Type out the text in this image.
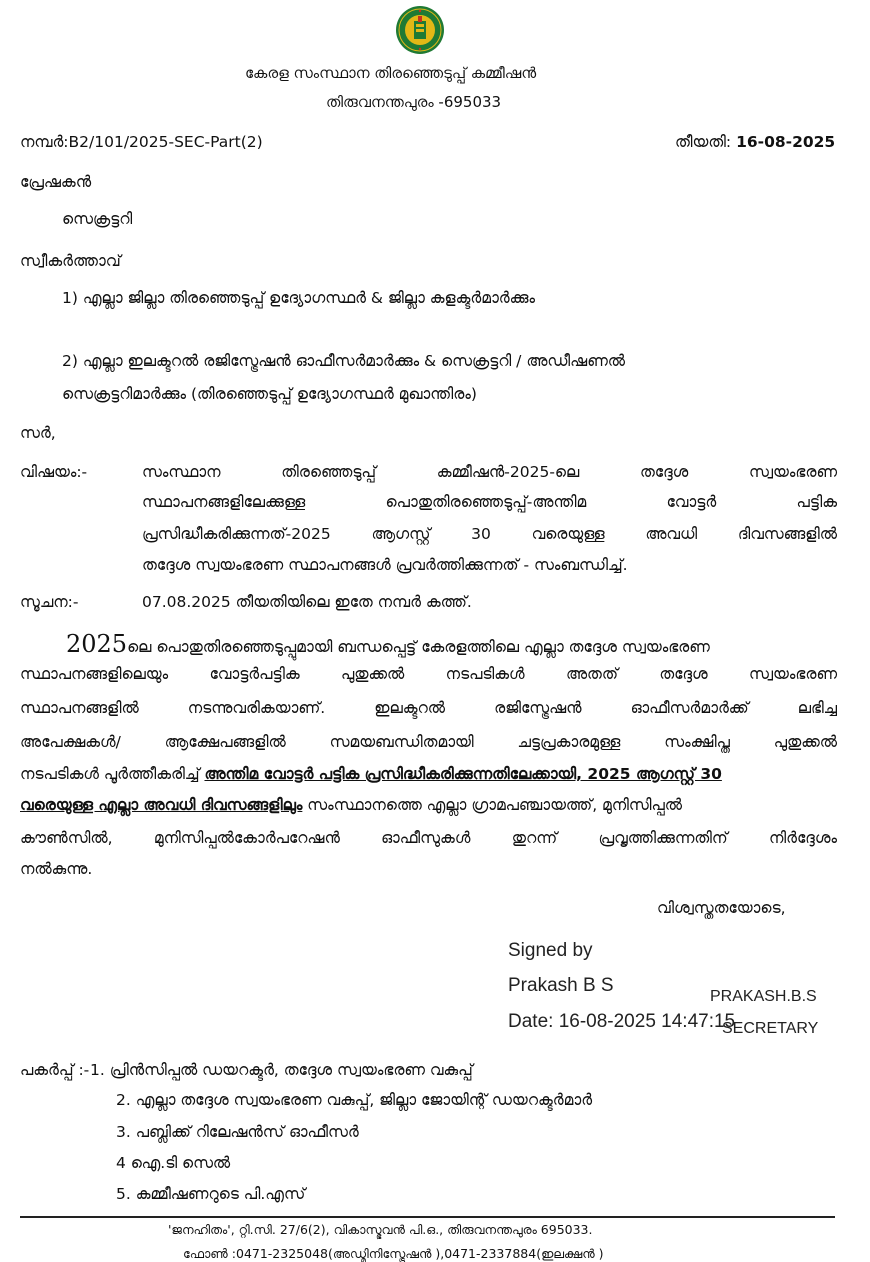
കേരള സംസ്ഥാന തിരഞ്ഞെടുപ്പ് കമ്മീഷൻ
തിരുവനന്തപുരം -695033
നമ്പർ:B2/101/2025-SEC-Part(2)	തീയതി: 16-08-2025
പ്രേഷകൻ
സെക്രട്ടറി
സ്വീകർത്താവ്
1) എല്ലാ ജില്ലാ തിരഞ്ഞെടുപ്പ് ഉദ്യോഗസ്ഥർ & ജില്ലാ കളക്ടർമാർക്കും
2) എല്ലാ ഇലക്ടറൽ രജിസ്ട്രേഷൻ ഓഫീസർമാർക്കും & സെക്രട്ടറി / അഡീഷണൽ
സെക്രട്ടറിമാർക്കും (തിരഞ്ഞെടുപ്പ് ഉദ്യോഗസ്ഥർ മുഖാന്തിരം)
സർ,
വിഷയം:-	സംസ്ഥാന തിരഞ്ഞെടുപ്പ് കമ്മീഷൻ-2025-ലെ തദ്ദേശ സ്വയംഭരണ
സ്ഥാപനങ്ങളിലേക്കുള്ള പൊതുതിരഞ്ഞെടുപ്പ്-അന്തിമ വോട്ടർ പട്ടിക
പ്രസിദ്ധീകരിക്കുന്നത്-2025 ആഗസ്റ്റ് 30 വരെയുള്ള അവധി ദിവസങ്ങളിൽ
തദ്ദേശ സ്വയംഭരണ സ്ഥാപനങ്ങൾ പ്രവർത്തിക്കുന്നത് - സംബന്ധിച്ച്.
സൂചന:-	07.08.2025 തീയതിയിലെ ഇതേ നമ്പർ കത്ത്.
2025ലെ പൊതുതിരഞ്ഞെടുപ്പുമായി ബന്ധപ്പെട്ട് കേരളത്തിലെ എല്ലാ തദ്ദേശ സ്വയംഭരണ
സ്ഥാപനങ്ങളിലെയും വോട്ടർപട്ടിക പുതുക്കൽ നടപടികൾ അതത് തദ്ദേശ സ്വയംഭരണ
സ്ഥാപനങ്ങളിൽ നടന്നുവരികയാണ്. ഇലക്ടറൽ രജിസ്ട്രേഷൻ ഓഫീസർമാർക്ക് ലഭിച്ച
അപേക്ഷകൾ/ ആക്ഷേപങ്ങളിൽ സമയബന്ധിതമായി ചട്ടപ്രകാരമുള്ള സംക്ഷിപ്ത പുതുക്കൽ
നടപടികൾ പൂർത്തീകരിച്ച് അന്തിമ വോട്ടർ പട്ടിക പ്രസിദ്ധീകരിക്കുന്നതിലേക്കായി, 2025 ആഗസ്റ്റ് 30
വരെയുള്ള എല്ലാ അവധി ദിവസങ്ങളിലും സംസ്ഥാനത്തെ എല്ലാ ഗ്രാമപഞ്ചായത്ത്, മുനിസിപ്പൽ
കൗൺസിൽ, മുനിസിപ്പൽകോർപറേഷൻ ഓഫീസുകൾ തുറന്ന് പ്രവൃത്തിക്കുന്നതിന് നിർദ്ദേശം
നൽകുന്നു.
വിശ്വസ്തതയോടെ,
Signed by
Prakash B S
Date: 16-08-2025 14:47:15
PRAKASH.B.S
SECRETARY
പകർപ്പ് :- 1. പ്രിൻസിപ്പൽ ഡയറക്ടർ, തദ്ദേശ സ്വയംഭരണ വകുപ്പ്
2. എല്ലാ തദ്ദേശ സ്വയംഭരണ വകുപ്പ്, ജില്ലാ ജോയിന്റ് ഡയറക്ടർമാർ
3. പബ്ലിക്ക് റിലേഷൻസ് ഓഫീസർ
4 ഐ.ടി സെൽ
5. കമ്മീഷണറുടെ പി.എസ്
'ജനഹിതം', റ്റി.സി. 27/6(2), വികാസ്ഭവൻ പി.ഒ., തിരുവനന്തപുരം 695033.
ഫോൺ :0471-2325048(അഡ്മിനിസ്ട്രേഷൻ ),0471-2337884(ഇലക്ഷൻ )
